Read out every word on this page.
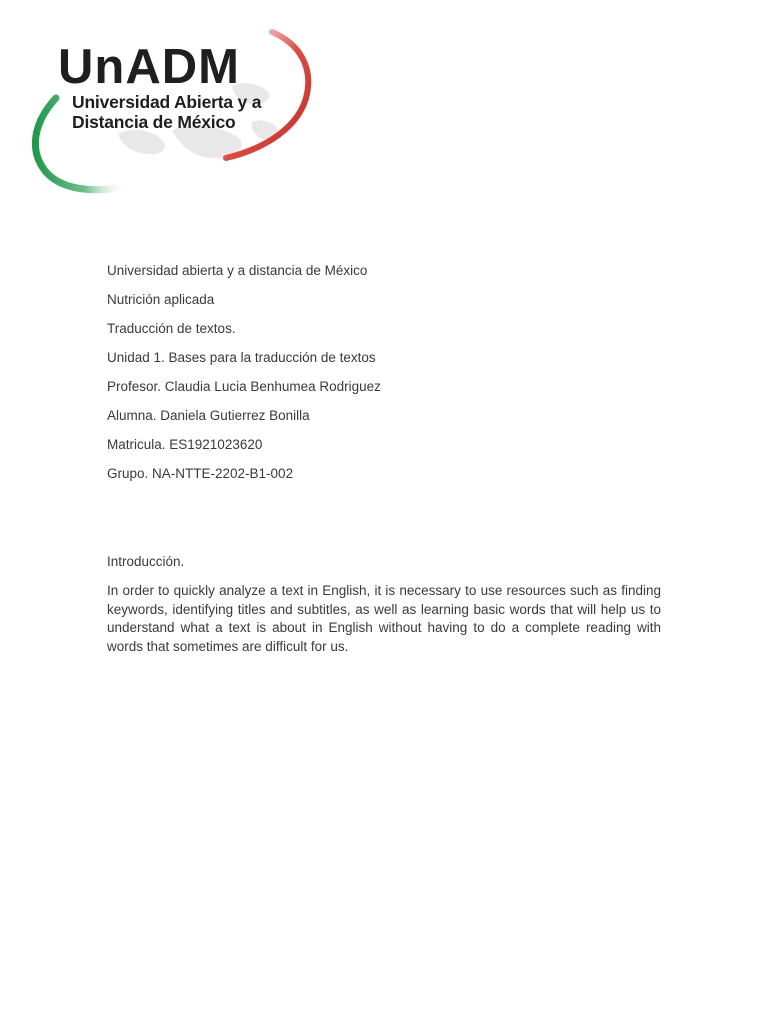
UnADM
Universidad Abierta y a
Distancia de México

Universidad abierta y a distancia de México

Nutrición aplicada

Traducción de textos.

Unidad 1. Bases para la traducción de textos

Profesor. Claudia Lucia Benhumea Rodriguez

Alumna. Daniela Gutierrez Bonilla

Matricula. ES1921023620

Grupo. NA-NTTE-2202-B1-002

Introducción.

In order to quickly analyze a text in English, it is necessary to use resources such as finding keywords, identifying titles and subtitles, as well as learning basic words that will help us to understand what a text is about in English without having to do a complete reading with words that sometimes are difficult for us.
